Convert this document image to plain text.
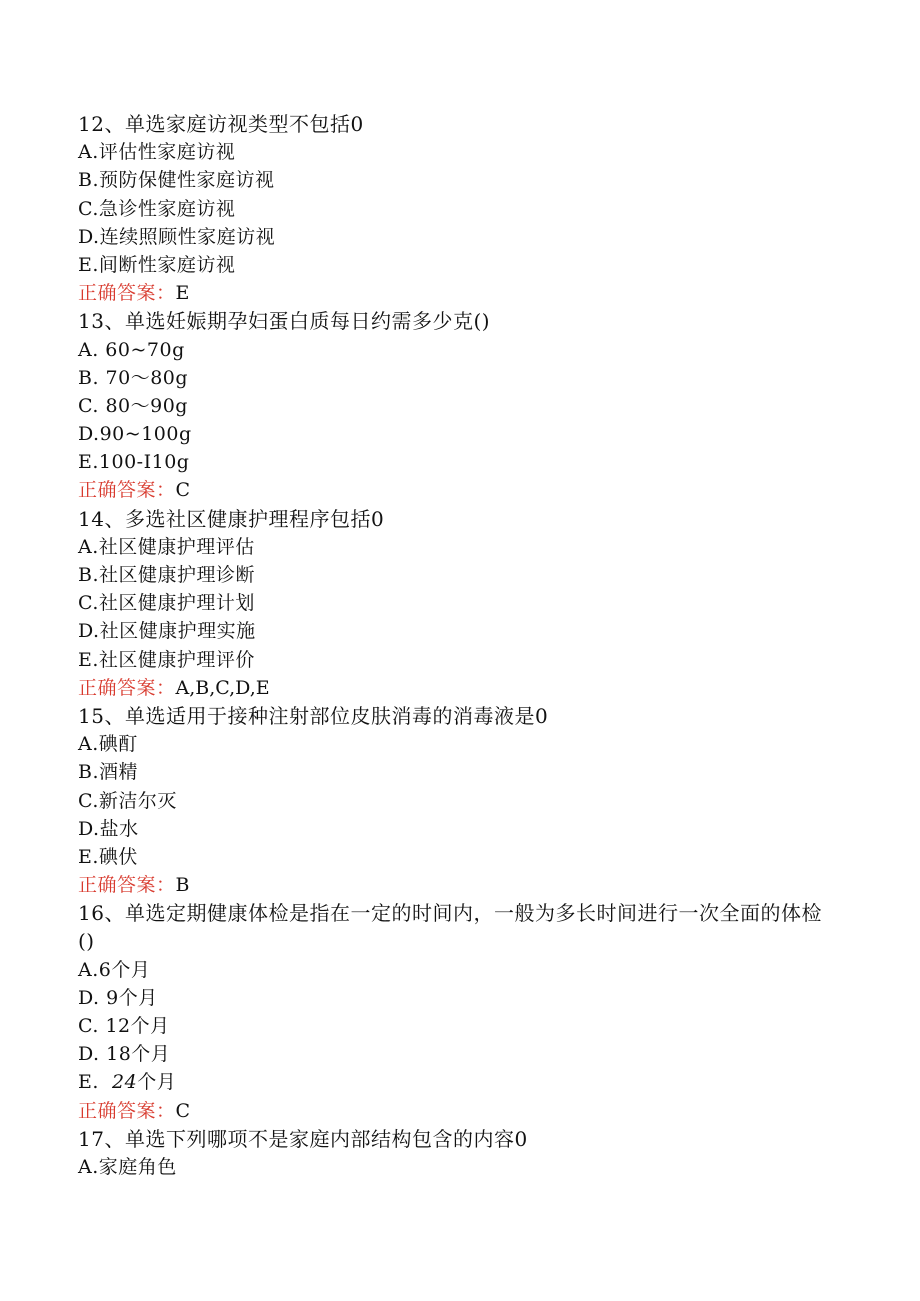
12、单选家庭访视类型不包括0
A.评估性家庭访视
B.预防保健性家庭访视
C.急诊性家庭访视
D.连续照顾性家庭访视
E.间断性家庭访视
正确答案：E
13、单选妊娠期孕妇蛋白质每日约需多少克()
A. 60~70g
B. 70～80g
C. 80～90g
D.90~100g
E.100-I10g
正确答案：C
14、多选社区健康护理程序包括0
A.社区健康护理评估
B.社区健康护理诊断
C.社区健康护理计划
D.社区健康护理实施
E.社区健康护理评价
正确答案：A,B,C,D,E
15、单选适用于接种注射部位皮肤消毒的消毒液是0
A.碘酊
B.酒精
C.新洁尔灭
D.盐水
E.碘伏
正确答案：B
16、单选定期健康体检是指在一定的时间内，一般为多长时间进行一次全面的体检()
A.6个月
D. 9个月
C. 12个月
D. 18个月
E.  24个月
正确答案：C
17、单选下列哪项不是家庭内部结构包含的内容0
A.家庭角色
